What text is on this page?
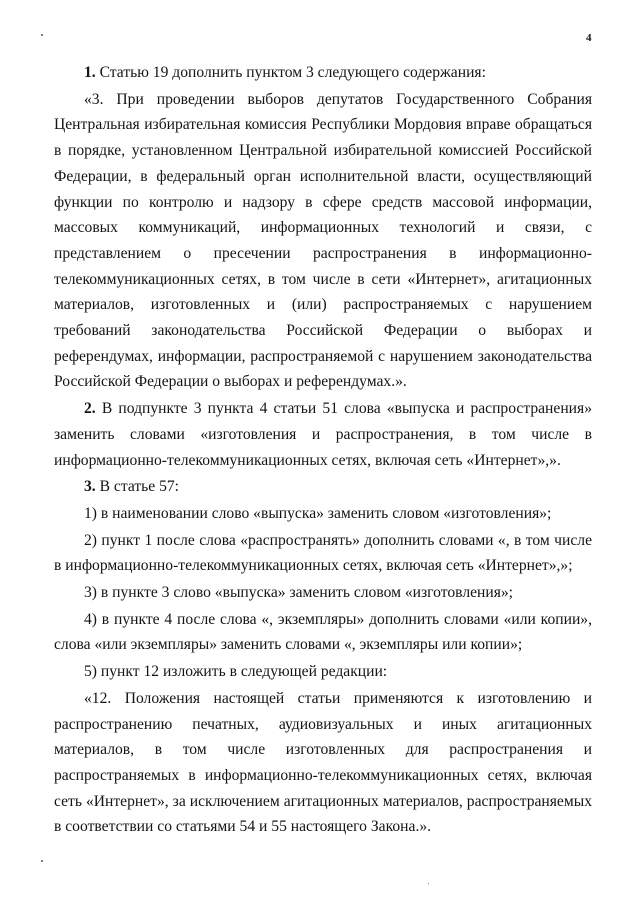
4

1. Статью 19 дополнить пунктом 3 следующего содержания:

«3. При проведении выборов депутатов Государственного Собрания Центральная избирательная комиссия Республики Мордовия вправе обращаться в порядке, установленном Центральной избирательной комиссией Российской Федерации, в федеральный орган исполнительной власти, осуществляющий функции по контролю и надзору в сфере средств массовой информации, массовых коммуникаций, информационных технологий и связи, с представлением о пресечении распространения в информационно-телекоммуникационных сетях, в том числе в сети «Интернет», агитационных материалов, изготовленных и (или) распространяемых с нарушением требований законодательства Российской Федерации о выборах и референдумах, информации, распространяемой с нарушением законодательства Российской Федерации о выборах и референдумах.».

2. В подпункте 3 пункта 4 статьи 51 слова «выпуска и распространения» заменить словами «изготовления и распространения, в том числе в информационно-телекоммуникационных сетях, включая сеть «Интернет»,».

3. В статье 57:

1) в наименовании слово «выпуска» заменить словом «изготовления»;

2) пункт 1 после слова «распространять» дополнить словами «, в том числе в информационно-телекоммуникационных сетях, включая сеть «Интернет»,»;

3) в пункте 3 слово «выпуска» заменить словом «изготовления»;

4) в пункте 4 после слова «, экземпляры» дополнить словами «или копии», слова «или экземпляры» заменить словами «, экземпляры или копии»;

5) пункт 12 изложить в следующей редакции:

«12. Положения настоящей статьи применяются к изготовлению и распространению печатных, аудиовизуальных и иных агитационных материалов, в том числе изготовленных для распространения и распространяемых в информационно-телекоммуникационных сетях, включая сеть «Интернет», за исключением агитационных материалов, распространяемых в соответствии со статьями 54 и 55 настоящего Закона.».
